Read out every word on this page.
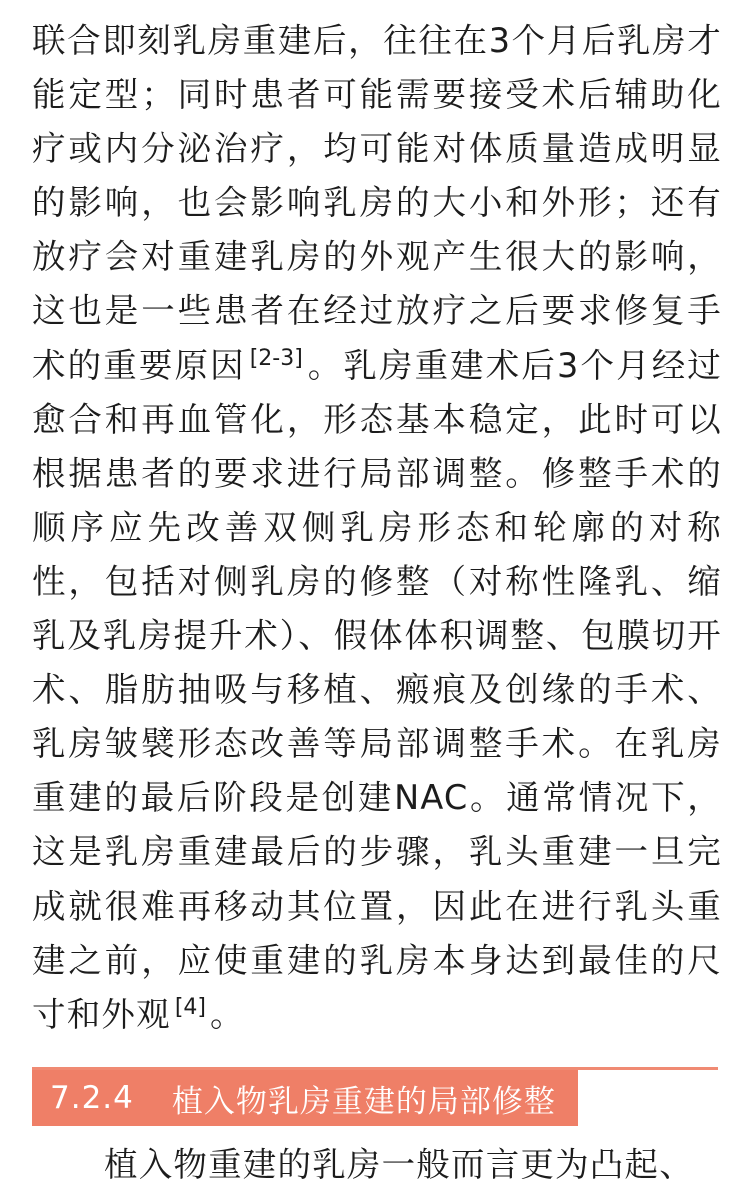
联合即刻乳房重建后，往往在3个月后乳房才能定型；同时患者可能需要接受术后辅助化疗或内分泌治疗，均可能对体质量造成明显的影响，也会影响乳房的大小和外形；还有放疗会对重建乳房的外观产生很大的影响，这也是一些患者在经过放疗之后要求修复手术的重要原因 [2-3] 。乳房重建术后3个月经过愈合和再血管化，形态基本稳定，此时可以根据患者的要求进行局部调整。修整手术的顺序应先改善双侧乳房形态和轮廓的对称性，包括对侧乳房的修整（对称性隆乳、缩乳及乳房提升术）、假体体积调整、包膜切开术、脂肪抽吸与移植、瘢痕及创缘的手术、乳房皱襞形态改善等局部调整手术。在乳房重建的最后阶段是创建NAC。通常情况下，这是乳房重建最后的步骤，乳头重建一旦完成就很难再移动其位置，因此在进行乳头重建之前，应使重建的乳房本身达到最佳的尺寸和外观 [4] 。

7.2.4 植入物乳房重建的局部修整

植入物重建的乳房一般而言更为凸起、
